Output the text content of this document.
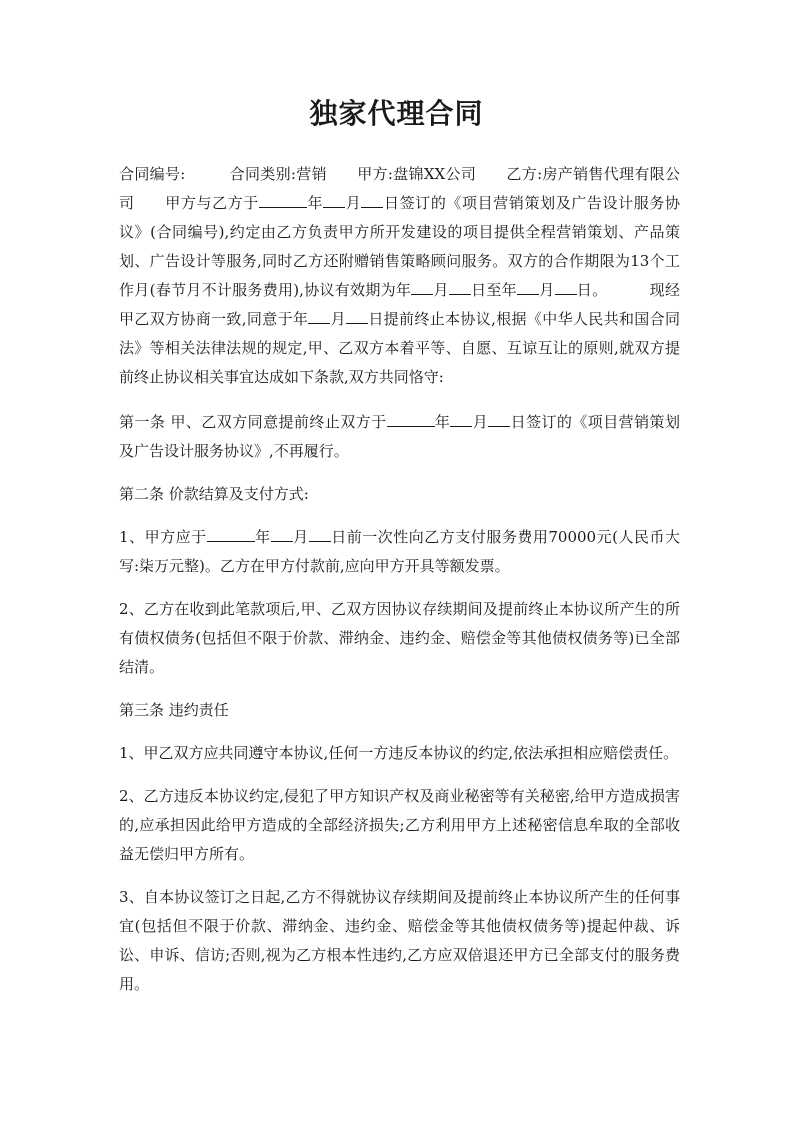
独家代理合同

合同编号:	合同类别:营销 甲方:盘锦XX公司 乙方:房产销售代理有限公司 甲方与乙方于	年 月 日签订的《项目营销策划及广告设计服务协议》(合同编号),约定由乙方负责甲方所开发建设的项目提供全程营销策划、产品策划、广告设计等服务,同时乙方还附赠销售策略顾问服务。双方的合作期限为13个工作月(春节月不计服务费用),协议有效期为年 月 日至年 月 日。	现经甲乙双方协商一致,同意于年 月 日提前终止本协议,根据《中华人民共和国合同法》等相关法律法规的规定,甲、乙双方本着平等、自愿、互谅互让的原则,就双方提前终止协议相关事宜达成如下条款,双方共同恪守:

第一条 甲、乙双方同意提前终止双方于	年 月 日签订的《项目营销策划及广告设计服务协议》,不再履行。

第二条 价款结算及支付方式:

1、甲方应于	年 月 日前一次性向乙方支付服务费用70000元(人民币大写:柒万元整)。乙方在甲方付款前,应向甲方开具等额发票。

2、乙方在收到此笔款项后,甲、乙双方因协议存续期间及提前终止本协议所产生的所有债权债务(包括但不限于价款、滞纳金、违约金、赔偿金等其他债权债务等)已全部结清。

第三条 违约责任

1、甲乙双方应共同遵守本协议,任何一方违反本协议的约定,依法承担相应赔偿责任。

2、乙方违反本协议约定,侵犯了甲方知识产权及商业秘密等有关秘密,给甲方造成损害的,应承担因此给甲方造成的全部经济损失;乙方利用甲方上述秘密信息牟取的全部收益无偿归甲方所有。

3、自本协议签订之日起,乙方不得就协议存续期间及提前终止本协议所产生的任何事宜(包括但不限于价款、滞纳金、违约金、赔偿金等其他债权债务等)提起仲裁、诉讼、申诉、信访;否则,视为乙方根本性违约,乙方应双倍退还甲方已全部支付的服务费用。
